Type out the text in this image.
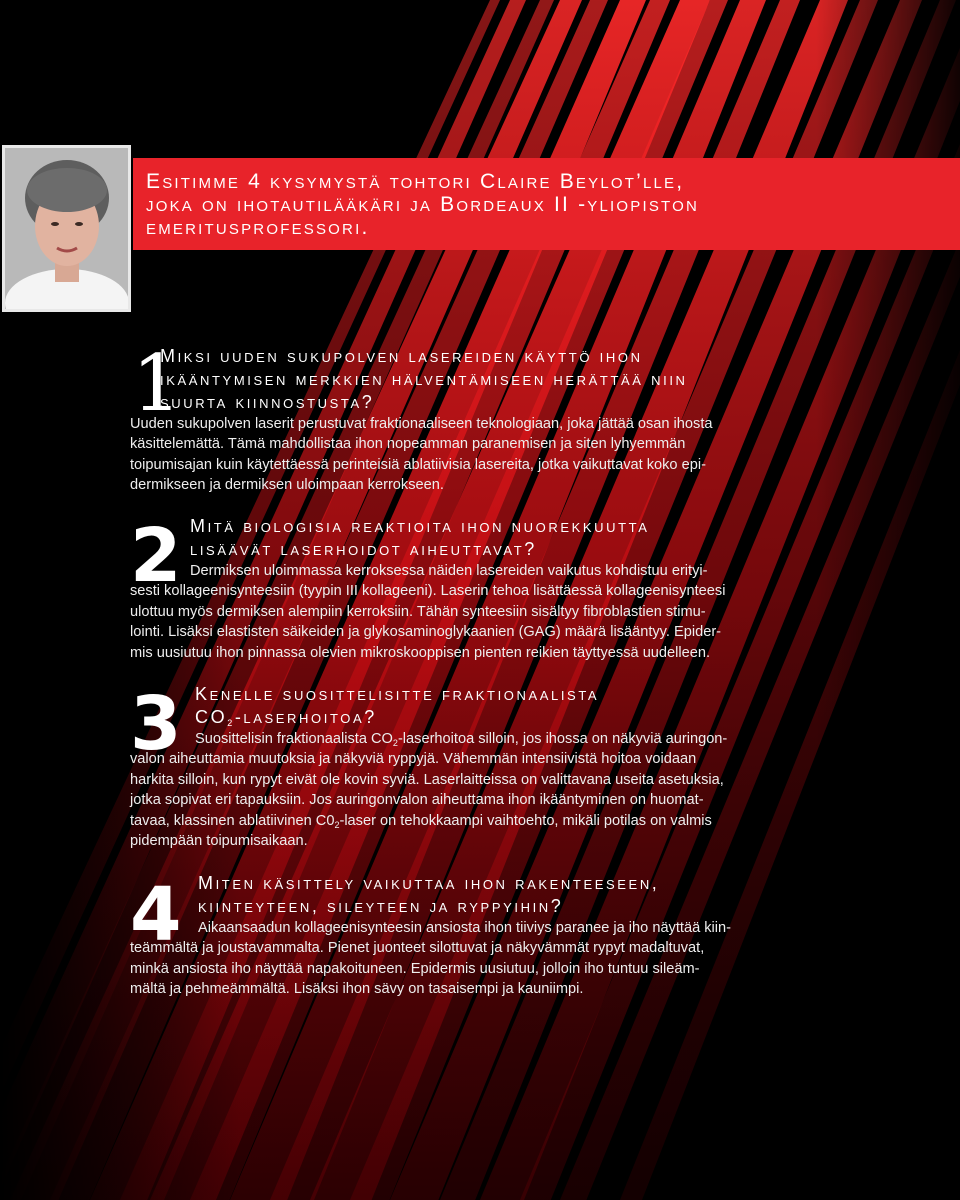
Esitimme 4 kysymystä tohtori Claire Beylot’lle,
joka on ihotautilääkäri ja Bordeaux II -yliopiston
emeritusprofessori.
1
Miksi uuden sukupolven lasereiden käyttö ihon
ikääntymisen merkkien hälventämiseen herättää niin
suurta kiinnostusta?
Uuden sukupolven laserit perustuvat fraktionaaliseen teknologiaan, joka jättää osan ihosta
käsittelemättä. Tämä mahdollistaa ihon nopeamman paranemisen ja siten lyhyemmän
toipumisajan kuin käytettäessä perinteisiä ablatiivisia lasereita, jotka vaikuttavat koko epi-
dermikseen ja dermiksen uloimpaan kerrokseen.
2 Mitä biologisia reaktioita ihon nuorekkuutta
lisäävät laserhoidot aiheuttavat?
Dermiksen uloimmassa kerroksessa näiden lasereiden vaikutus kohdistuu erityi-
sesti kollageenisynteesiin (tyypin III kollageeni). Laserin tehoa lisättäessä kollageenisynteesi
ulottuu myös dermiksen alempiin kerroksiin. Tähän synteesiin sisältyy fibroblastien stimu-
lointi. Lisäksi elastisten säikeiden ja glykosaminoglykaanien (GAG) määrä lisääntyy. Epider-
mis uusiutuu ihon pinnassa olevien mikroskooppisen pienten reikien täyttyessä uudelleen.
3 Kenelle suosittelisitte fraktionaalista
$CO_2$-laserhoitoa?
Suosittelisin fraktionaalista $CO_2$-laserhoitoa silloin, jos ihossa on näkyviä auringon-
valon aiheuttamia muutoksia ja näkyviä ryppyjä. Vähemmän intensiivistä hoitoa voidaan
harkita silloin, kun rypyt eivät ole kovin syviä. Laserlaitteissa on valittavana useita asetuksia,
jotka sopivat eri tapauksiin. Jos auringonvalon aiheuttama ihon ikääntyminen on huomat-
tavaa, klassinen ablatiivinen $C0_2$-laser on tehokkaampi vaihtoehto, mikäli potilas on valmis
pidempään toipumisaikaan.
4 Miten käsittely vaikuttaa ihon rakenteeseen,
kiinteyteen, sileyteen ja ryppyihin?
Aikaansaadun kollageenisynteesin ansiosta ihon tiiviys paranee ja iho näyttää kiin-
teämmältä ja joustavammalta. Pienet juonteet silottuvat ja näkyvämmät rypyt madaltuvat,
minkä ansiosta iho näyttää napakoituneen. Epidermis uusiutuu, jolloin iho tuntuu sileäm-
mältä ja pehmeämmältä. Lisäksi ihon sävy on tasaisempi ja kauniimpi.
